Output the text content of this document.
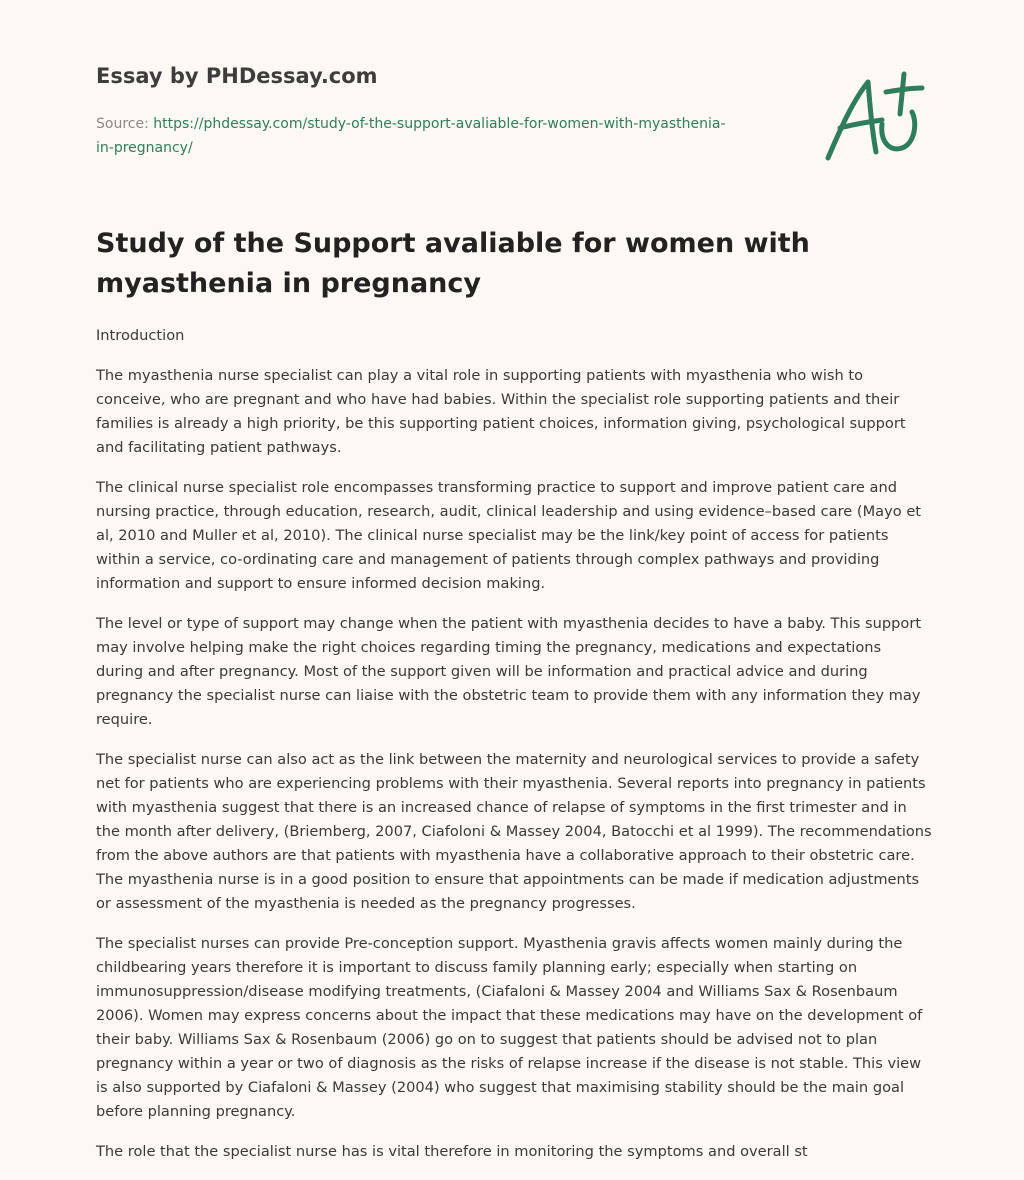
Essay by PHDessay.com
Source: https://phdessay.com/study-of-the-support-avaliable-for-women-with-myasthenia-in-pregnancy/
Study of the Support avaliable for women with myasthenia in pregnancy

Introduction

The myasthenia nurse specialist can play a vital role in supporting patients with myasthenia who wish to conceive, who are pregnant and who have had babies. Within the specialist role supporting patients and their families is already a high priority, be this supporting patient choices, information giving, psychological support and facilitating patient pathways.

The clinical nurse specialist role encompasses transforming practice to support and improve patient care and nursing practice, through education, research, audit, clinical leadership and using evidence–based care (Mayo et al, 2010 and Muller et al, 2010). The clinical nurse specialist may be the link/key point of access for patients within a service, co-ordinating care and management of patients through complex pathways and providing information and support to ensure informed decision making.

The level or type of support may change when the patient with myasthenia decides to have a baby. This support may involve helping make the right choices regarding timing the pregnancy, medications and expectations during and after pregnancy. Most of the support given will be information and practical advice and during pregnancy the specialist nurse can liaise with the obstetric team to provide them with any information they may require.

The specialist nurse can also act as the link between the maternity and neurological services to provide a safety net for patients who are experiencing problems with their myasthenia. Several reports into pregnancy in patients with myasthenia suggest that there is an increased chance of relapse of symptoms in the first trimester and in the month after delivery, (Briemberg, 2007, Ciafoloni & Massey 2004, Batocchi et al 1999). The recommendations from the above authors are that patients with myasthenia have a collaborative approach to their obstetric care. The myasthenia nurse is in a good position to ensure that appointments can be made if medication adjustments or assessment of the myasthenia is needed as the pregnancy progresses.

The specialist nurses can provide Pre-conception support. Myasthenia gravis affects women mainly during the childbearing years therefore it is important to discuss family planning early; especially when starting on immunosuppression/disease modifying treatments, (Ciafaloni & Massey 2004 and Williams Sax & Rosenbaum 2006). Women may express concerns about the impact that these medications may have on the development of their baby. Williams Sax & Rosenbaum (2006) go on to suggest that patients should be advised not to plan pregnancy within a year or two of diagnosis as the risks of relapse increase if the disease is not stable. This view is also supported by Ciafaloni & Massey (2004) who suggest that maximising stability should be the main goal before planning pregnancy.

The role that the specialist nurse has is vital therefore in monitoring the symptoms and overall st
